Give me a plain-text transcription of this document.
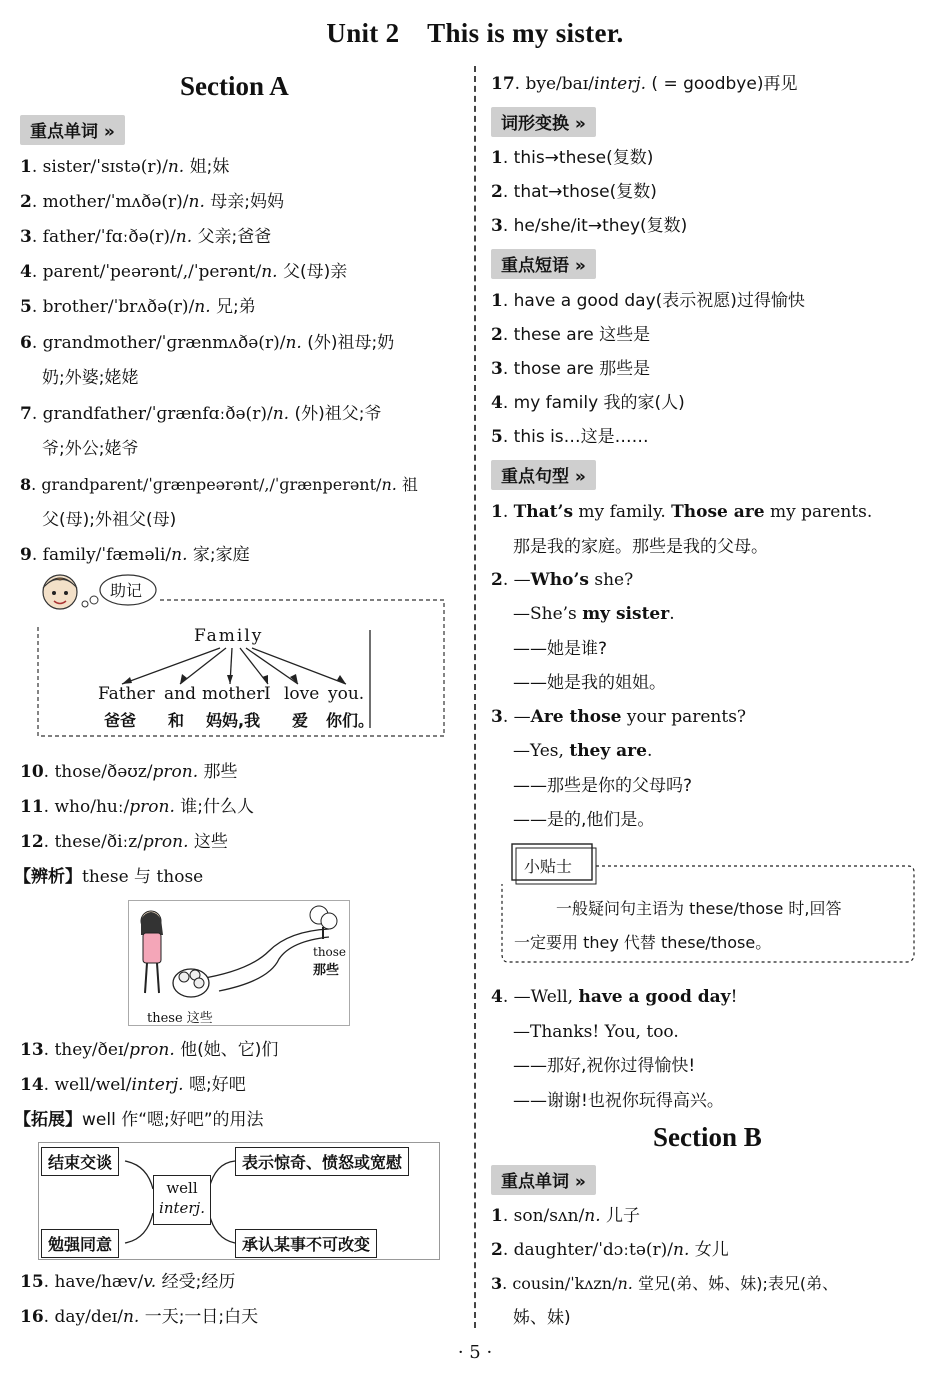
Unit 2    This is my sister.
Section A
重点单词 »
1. sister/ˈsɪstə(r)/n. 姐;妹
2. mother/ˈmʌðə(r)/n. 母亲;妈妈
3. father/ˈfɑːðə(r)/n. 父亲;爸爸
4. parent/ˈpeərənt/,/ˈperənt/n. 父(母)亲
5. brother/ˈbrʌðə(r)/n. 兄;弟
6. grandmother/ˈɡrænmʌðə(r)/n. (外)祖母;奶
奶;外婆;姥姥
7. grandfather/ˈɡrænfɑːðə(r)/n. (外)祖父;爷
爷;外公;姥爷
8. grandparent/ˈɡrænpeərənt/,/ˈɡrænperənt/n. 祖
父(母);外祖父(母)
9. family/ˈfæməli/n. 家;家庭
助记
Family
Father and mother I love you.
爸爸 和 妈妈,我 爱 你们。
10. those/ðəʊz/pron. 那些
11. who/huː/pron. 谁;什么人
12. these/ðiːz/pron. 这些
【辨析】these 与 those
these 这些
those
那些
13. they/ðeɪ/pron. 他(她、它)们
14. well/wel/interj. 嗯;好吧
【拓展】well 作“嗯;好吧”的用法
well
interj.
结束交谈	表示惊奇、愤怒或宽慰
勉强同意	承认某事不可改变
15. have/hæv/v. 经受;经历
16. day/deɪ/n. 一天;一日;白天
17. bye/baɪ/interj. ( = goodbye)再见
词形变换 »
1. this→these(复数)
2. that→those(复数)
3. he/she/it→they(复数)
重点短语 »
1. have a good day(表示祝愿)过得愉快
2. these are 这些是
3. those are 那些是
4. my family 我的家(人)
5. this is…这是……
重点句型 »
1. That’s my family. Those are my parents.
那是我的家庭。那些是我的父母。
2. —Who’s she?
—She’s my sister.
——她是谁?
——她是我的姐姐。
3. —Are those your parents?
—Yes, they are.
——那些是你的父母吗?
——是的,他们是。
小贴士
一般疑问句主语为 these/those 时,回答
一定要用 they 代替 these/those。
4. —Well, have a good day!
—Thanks! You, too.
——那好,祝你过得愉快!
——谢谢!也祝你玩得高兴。
Section B
重点单词 »
1. son/sʌn/n. 儿子
2. daughter/ˈdɔːtə(r)/n. 女儿
3. cousin/ˈkʌzn/n. 堂兄(弟、姊、妹);表兄(弟、
姊、妹)
· 5 ·
